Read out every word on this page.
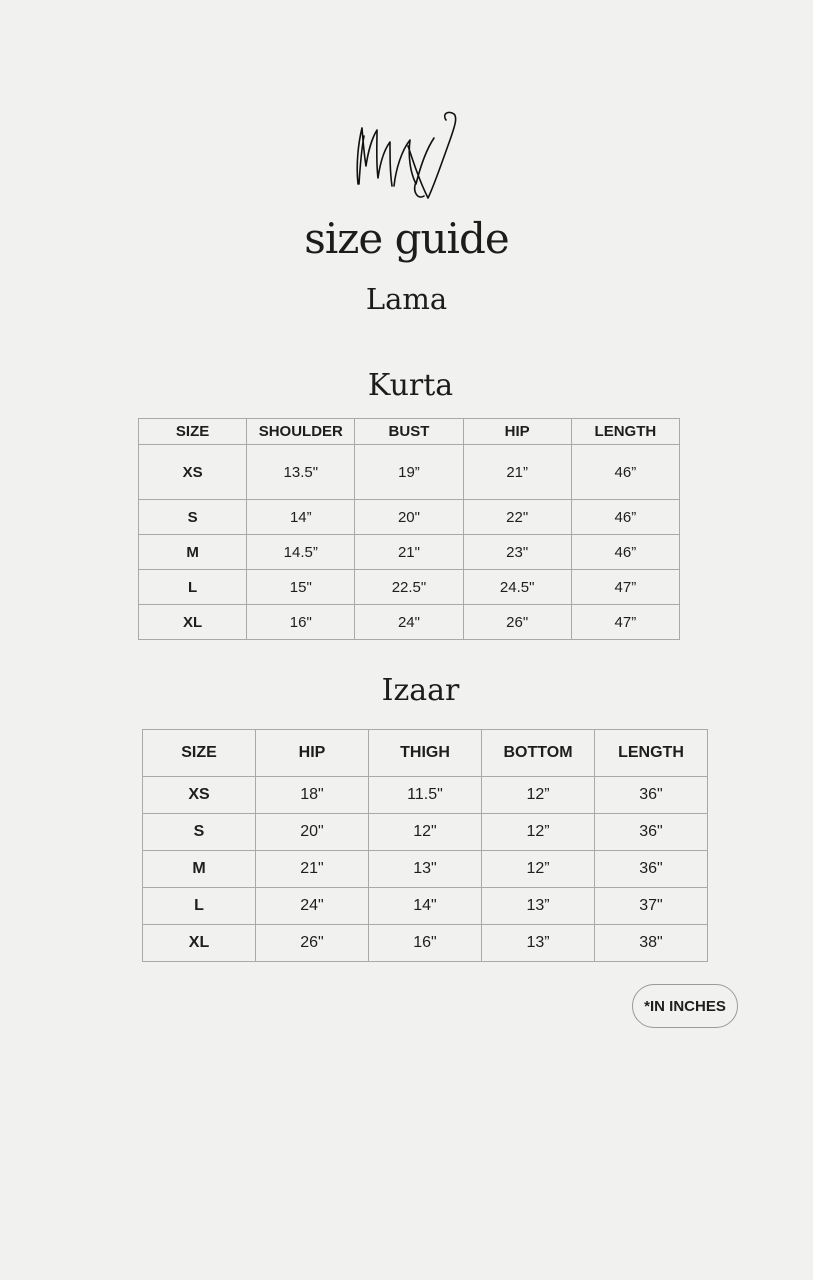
size guide
Lama
Kurta
SIZE	SHOULDER	BUST	HIP	LENGTH
XS	13.5"	19”	21”	46”
S	14”	20"	22"	46”
M	14.5”	21"	23"	46”
L	15"	22.5"	24.5"	47”
XL	16"	24"	26"	47”
Izaar
SIZE	HIP	THIGH	BOTTOM	LENGTH
XS	18"	11.5"	12”	36"
S	20"	12"	12”	36"
M	21"	13"	12”	36"
L	24"	14"	13”	37"
XL	26"	16"	13”	38"
*IN INCHES
